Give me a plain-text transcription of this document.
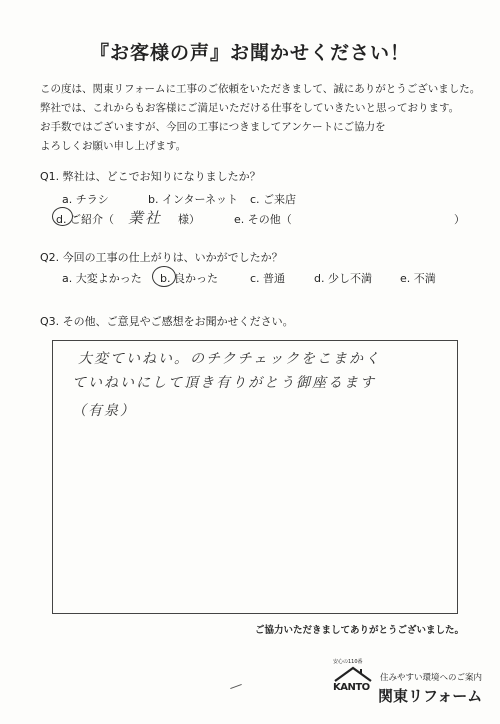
『お客様の声』お聞かせください！
この度は、関東リフォームに工事のご依頼をいただきまして、誠にありがとうございました。
弊社では、これからもお客様にご満足いただける仕事をしていきたいと思っております。
お手数ではございますが、今回の工事につきましてアンケートにご協力を
よろしくお願い申し上げます。
Q1. 弊社は、どこでお知りになりましたか？
a. チラシ	b. インターネット c. ご来店
d. ご紹介（ 業社 様）	e. その他（	）
Q2. 今回の工事の仕上がりは、いかがでしたか？
a. 大変よかった b. 良かった	c. 普通	d. 少し不満	e. 不満
Q3. その他、ご意見やご感想をお聞かせください。
大変ていねい。のチクチェックをこまかく
ていねいにして頂き有りがとう御座るます
（有泉）
ご協力いただきましてありがとうございました。
安心の110番
KANTO
住みやすい環境へのご案内
関東リフォーム
